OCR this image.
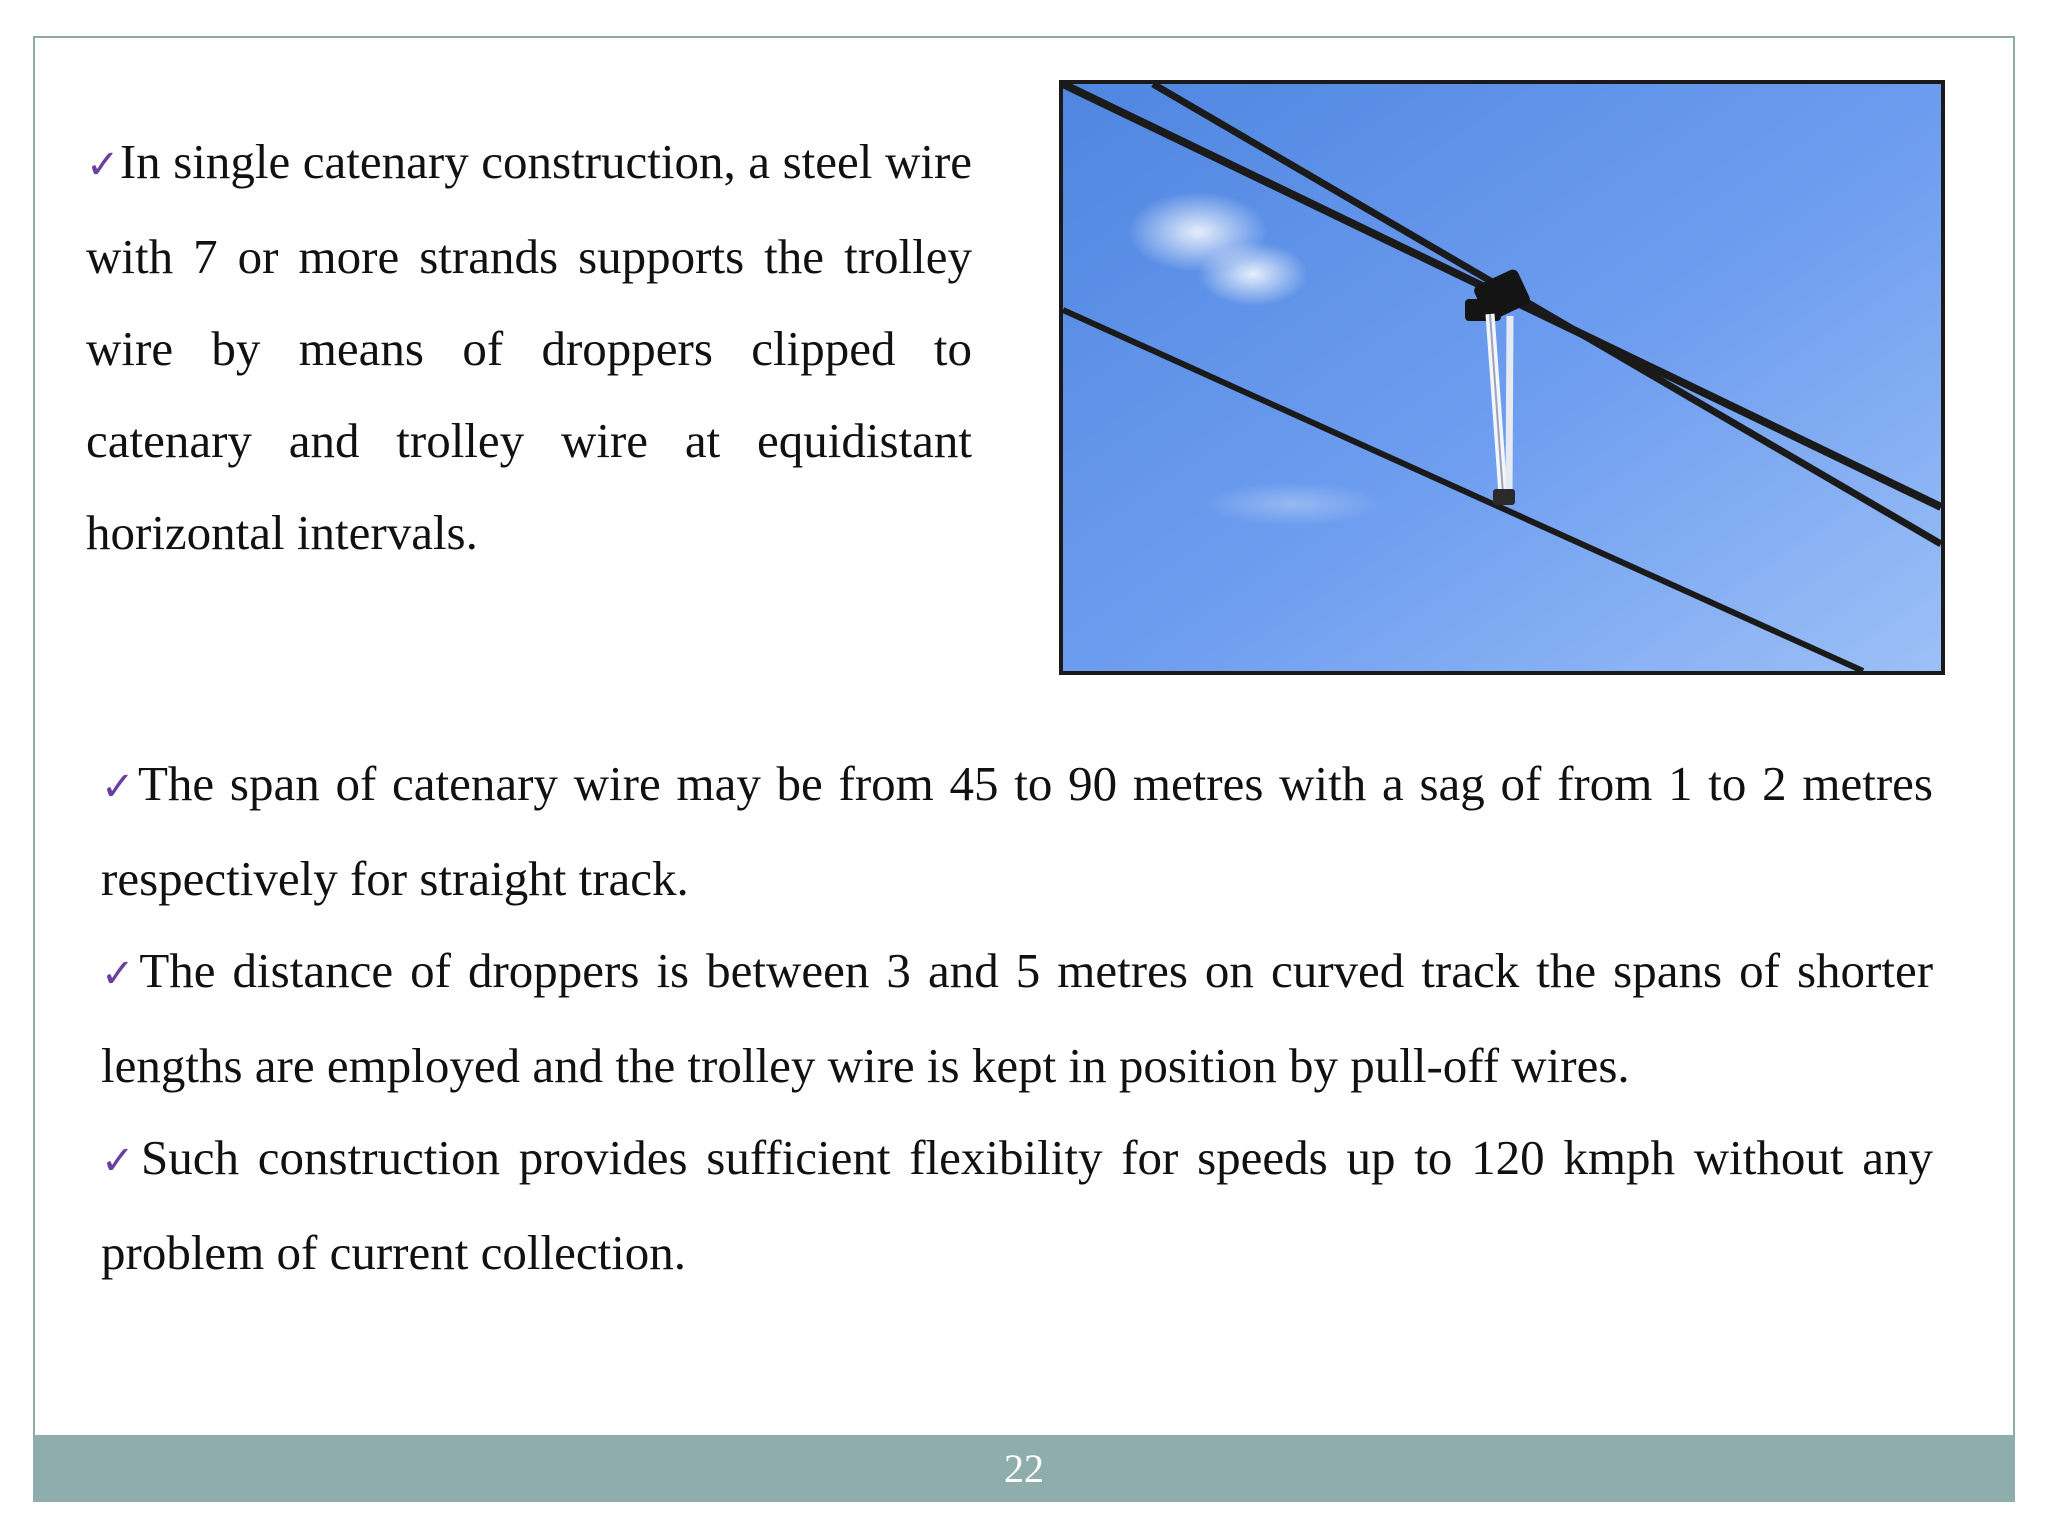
✓In single catenary construction, a steel wire with 7 or more strands supports the trolley wire by means of droppers clipped to catenary and trolley wire at equidistant horizontal intervals.

✓The span of catenary wire may be from 45 to 90 metres with a sag of from 1 to 2 metres respectively for straight track.

✓The distance of droppers is between 3 and 5 metres on curved track the spans of shorter lengths are employed and the trolley wire is kept in position by pull-off wires.

✓Such construction provides sufficient flexibility for speeds up to 120 kmph without any problem of current collection.

22
